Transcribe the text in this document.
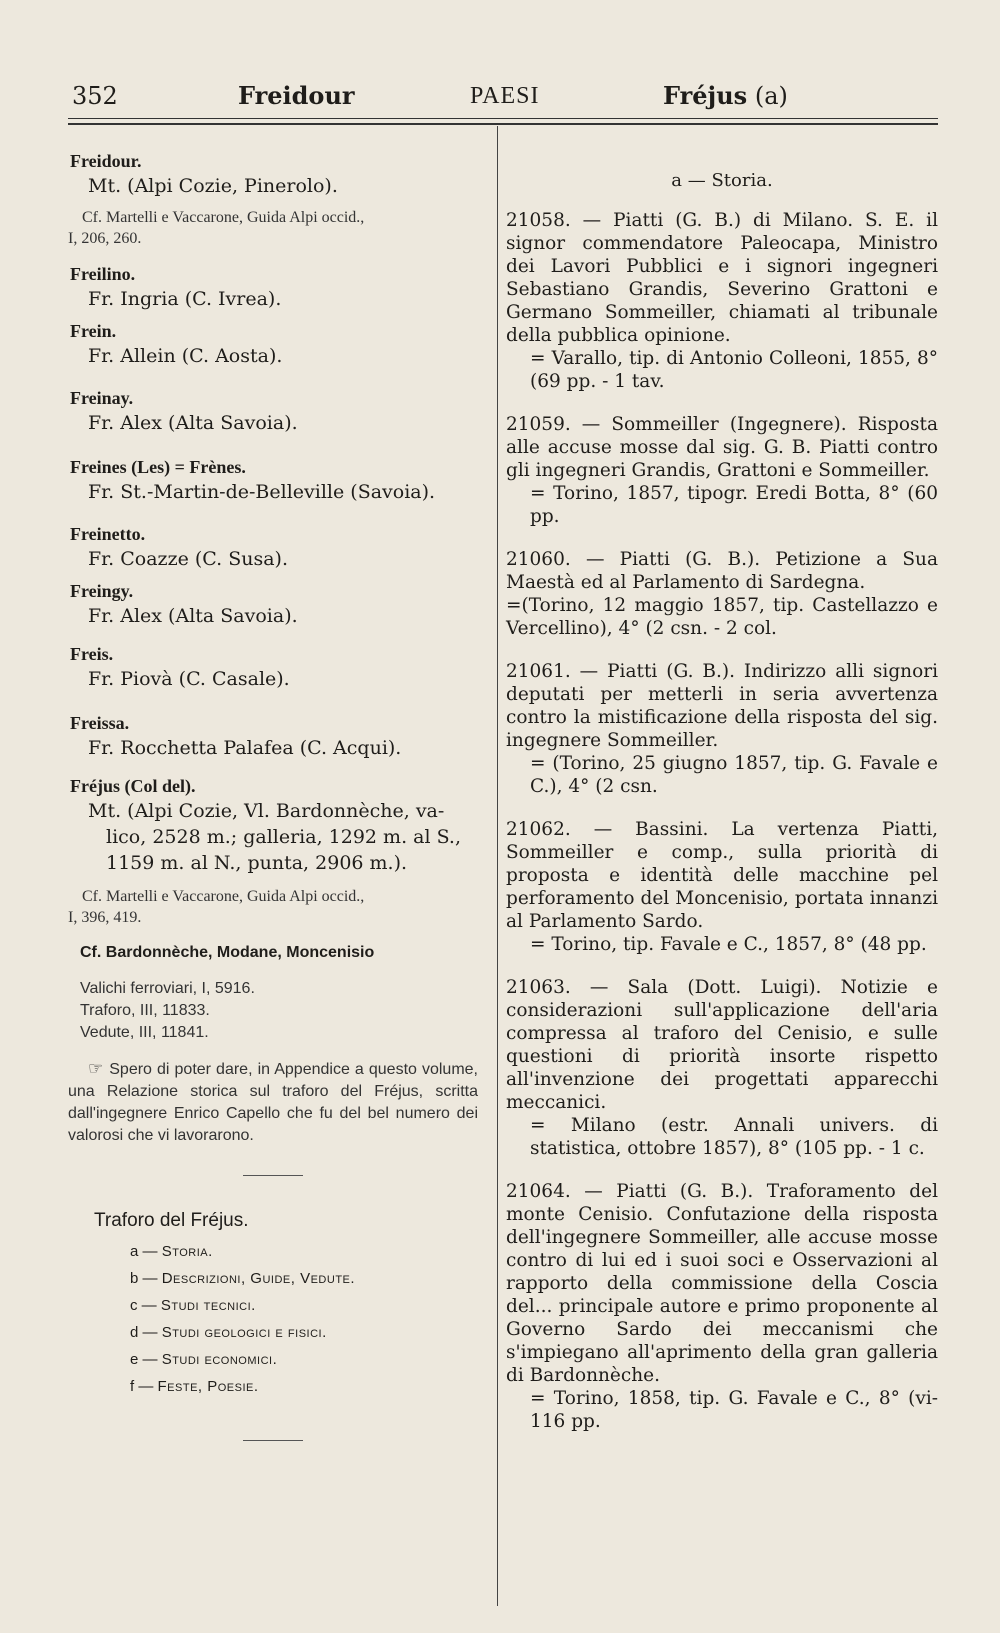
352	Freidour	PAESI	Fréjus (a)
Freidour.
Mt. (Alpi Cozie, Pinerolo).
Cf. Martelli e Vaccarone, Guida Alpi occid.,
I, 206, 260.
Freilino.
Fr. Ingria (C. Ivrea).
Frein.
Fr. Allein (C. Aosta).
Freinay.
Fr. Alex (Alta Savoia).
Freines (Les) = Frènes.
Fr. St.-Martin-de-Belleville (Savoia).
Freinetto.
Fr. Coazze (C. Susa).
Freingy.
Fr. Alex (Alta Savoia).
Freis.
Fr. Piovà (C. Casale).
Freissa.
Fr. Rocchetta Palafea (C. Acqui).
Fréjus (Col del).
Mt. (Alpi Cozie, Vl. Bardonnèche, va-
lico, 2528 m.; galleria, 1292 m. al S.,
1159 m. al N., punta, 2906 m.).
Cf. Martelli e Vaccarone, Guida Alpi occid.,
I, 396, 419.
Cf. Bardonnèche, Modane, Moncenisio
Valichi ferroviari, I, 5916.
Traforo, III, 11833.
Vedute, III, 11841.
☞ Spero di poter dare, in Appendice a questo volume, una Relazione storica sul traforo del Fréjus, scritta dall'ingegnere Enrico Capello che fu del bel numero dei valorosi che vi lavorarono.
Traforo del Fréjus.
a — Storia.
b — Descrizioni, Guide, Vedute.
c — Studi tecnici.
d — Studi geologici e fisici.
e — Studi economici.
f — Feste, Poesie.
a — Storia.
21058. — Piatti (G. B.) di Milano. S. E. il signor commendatore Paleocapa, Ministro dei Lavori Pubblici e i signori ingegneri Sebastiano Grandis, Severino Grattoni e Germano Sommeiller, chiamati al tribunale della pubblica opinione.
= Varallo, tip. di Antonio Colleoni, 1855, 8° (69 pp. - 1 tav.
21059. — Sommeiller (Ingegnere). Risposta alle accuse mosse dal sig. G. B. Piatti contro gli ingegneri Grandis, Grattoni e Sommeiller.
= Torino, 1857, tipogr. Eredi Botta, 8° (60 pp.
21060. — Piatti (G. B.). Petizione a Sua Maestà ed al Parlamento di Sardegna.
=(Torino, 12 maggio 1857, tip. Castellazzo e Vercellino), 4° (2 csn. - 2 col.
21061. — Piatti (G. B.). Indirizzo alli signori deputati per metterli in seria avvertenza contro la mistificazione della risposta del sig. ingegnere Sommeiller.
= (Torino, 25 giugno 1857, tip. G. Favale e C.), 4° (2 csn.
21062. — Bassini. La vertenza Piatti, Sommeiller e comp., sulla priorità di proposta e identità delle macchine pel perforamento del Moncenisio, portata innanzi al Parlamento Sardo.
= Torino, tip. Favale e C., 1857, 8° (48 pp.
21063. — Sala (Dott. Luigi). Notizie e considerazioni sull'applicazione dell'aria compressa al traforo del Cenisio, e sulle questioni di priorità insorte rispetto all'invenzione dei progettati apparecchi meccanici.
= Milano (estr. Annali univers. di statistica, ottobre 1857), 8° (105 pp. - 1 c.
21064. — Piatti (G. B.). Traforamento del monte Cenisio. Confutazione della risposta dell'ingegnere Sommeiller, alle accuse mosse contro di lui ed i suoi soci e Osservazioni al rapporto della commissione della Coscia del... principale autore e primo proponente al Governo Sardo dei meccanismi che s'impiegano all'aprimento della gran galleria di Bardonnèche.
= Torino, 1858, tip. G. Favale e C., 8° (vi-116 pp.
